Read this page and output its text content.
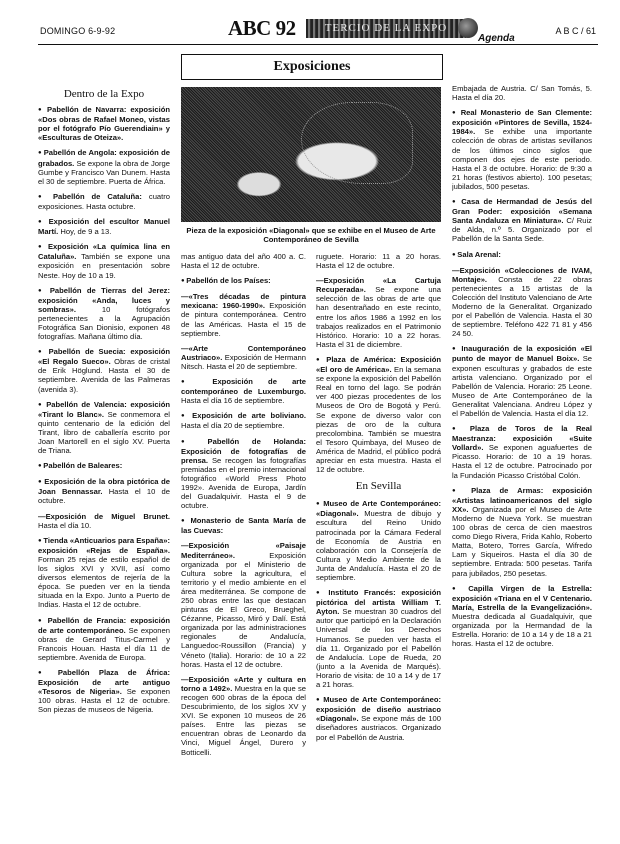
DOMINGO 6-9-92	ABC 92	TERCIO DE LA EXPO
Agenda
A B C / 61
Exposiciones
Pieza de la exposición «Diagonal» que se exhibe en el Museo de Arte Contemporáneo de Sevilla
Dentro de la Expo

● Pabellón de Navarra: exposición «Dos obras de Rafael Moneo, vistas por el fotógrafo Pío Guerendiain» y «Esculturas de Oteiza».

● Pabellón de Angola: exposición de grabados. Se expone la obra de Jorge Gumbe y Francisco Van Dunem. Hasta el 30 de septiembre. Puerta de África.

● Pabellón de Cataluña: cuatro exposiciones. Hasta octubre.

● Exposición del escultor Manuel Martí. Hoy, de 9 a 13.

● Exposición «La química lina en Cataluña». También se expone una exposición en presentación sobre Neste. Hoy de 10 a 19.

● Pabellón de Tierras del Jerez: exposición «Anda, luces y sombras».	10 fotógrafos pertenecientes a la Agrupación Fotográfica San Dionisio, exponen 48 fotografías. Mañana último día.

● Pabellón de Suecia: exposición «El Regalo Sueco». Obras de cristal de Erik Höglund. Hasta el 30 de septiembre. Avenida de las Palmeras (avenida 3).

● Pabellón de Valencia: exposición «Tirant lo Blanc». Se conmemora el quinto centenario de la edición del Tirant, libro de caballería escrito por Joan Martorell en el siglo XV. Puerta de Triana.

● Pabellón de Baleares:

● Exposición de la obra pictórica de Joan Bennassar. Hasta el 10 de octubre.

—Exposición de Miguel Brunet. Hasta el día 10.

● Tienda «Anticuarios para España»: exposición «Rejas de España». Forman 25 rejas de estilo español de los siglos XVI y XVII, así como diversos elementos de rejería de la época. Se pueden ver en la tienda situada en la Expo. Junto a Puerto de Indias. Hasta el 12 de octubre.

● Pabellón de Francia: exposición de arte contemporáneo. Se exponen obras de Gerard Titus-Carmel y Francois Houan. Hasta el día 11 de septiembre. Avenida de Europa.

● Pabellón Plaza de África: Exposición de arte antiguo «Tesoros de Nigeria». Se exponen 100 obras. Hasta el 12 de octubre. Son piezas de museos de Nigeria.

mas antiguo data del año 400 a. C. Hasta el 12 de octubre.

● Pabellón de los Países:

—«Tres décadas de pintura mexicana: 1960-1990». Exposición de pintura contemporánea. Centro de las Américas. Hasta el 15 de septiembre.

—«Arte Contemporáneo Austriaco». Exposición de Hermann Nitsch. Hasta el 20 de septiembre.

● Exposición de arte contemporáneo de Luxemburgo. Hasta el día 16 de septiembre.

● Exposición de arte boliviano. Hasta el día 20 de septiembre.

● Pabellón de Holanda: Exposición de fotografías de prensa. Se recogen las fotografías premiadas en el premio internacional fotográfico «World Press Photo 1992». Avenida de Europa, Jardín del Guadalquivir. Hasta el 9 de octubre.

● Monasterio de Santa María de las Cuevas:

—Exposición «Paisaje Mediterráneo».	Exposición organizada por el Ministerio de Cultura sobre la agricultura, el territorio y el medio ambiente en el área mediterránea. Se compone de 250 obras entre las que destacan pinturas de El Greco, Brueghel, Cézanne, Picasso, Miró y Dalí. Está organizada por las administraciones regionales de Andalucía, Languedoc-Roussillon (Francia) y Véneto (Italia). Horario: de 10 a 22 horas. Hasta el 12 de octubre.

—Exposición «Arte y cultura en torno a 1492». Muestra en la que se recogen 600 obras de la época del Descubrimiento, de los siglos XV y XVI. Se exponen 10 museos de 26 países. Entre las piezas se encuentran obras de Leonardo da Vinci, Miguel Ángel, Durero y Botticelli.

ruguete. Horario: 11 a 20 horas. Hasta el 12 de octubre.

—Exposición «La Cartuja Recuperada». Se expone una selección de las obras de arte que han desentrañado en este recinto, entre los años 1986 a 1992 en los trabajos realizados en el Patrimonio Histórico. Horario: 10 a 22 horas. Hasta el 31 de diciembre.

● Plaza de América: Exposición «El oro de América». En la semana se expone la exposición del Pabellón Real en torno del lago. Se podrán ver 400 piezas procedentes de los Museos de Oro de Bogotá y Perú. Se expone de diverso valor con piezas de oro de la cultura precolombina. También se muestra el Tesoro Quimbaya, del Museo de América de Madrid, el público podrá apreciar en esta muestra. Hasta el 12 de octubre.

En Sevilla

● Museo de Arte Contemporáneo: «Diagonal». Muestra de dibujo y escultura del Reino Unido patrocinada por la Cámara Federal de Economía de Austria en colaboración con la Consejería de Cultura y Medio Ambiente de la Junta de Andalucía. Hasta el 20 de septiembre.

● Instituto Francés: exposición pictórica del artista William T. Ayton. Se muestran 30 cuadros del autor que participó en la Declaración Universal de los Derechos Humanos. Se pueden ver hasta el día 11. Organizado por el Pabellón de Andalucía. Lope de Rueda, 20 (junto a la Avenida de Marqués). Horario de visita: de 10 a 14 y de 17 a 21 horas.

● Museo de Arte Contemporáneo: exposición de diseño austriaco «Diagonal». Se expone más de 100 diseñadores austriacos. Organizado por el Pabellón de Austria.

Embajada de Austria. C/ San Tomás, 5. Hasta el día 20.

● Real Monasterio de San Clemente: exposición «Pintores de Sevilla, 1524-1984». Se exhibe una importante colección de obras de artistas sevillanos de los últimos cinco siglos que componen dos ejes de este periodo. Hasta el 3 de octubre. Horario: de 9:30 a 21 horas (festivos abierto). 100 pesetas; jubilados, 500 pesetas.

● Casa de Hermandad de Jesús del Gran Poder: exposición «Semana Santa Andaluza en Miniatura». C/ Ruiz de Alda, n.º 5. Organizado por el Pabellón de la Santa Sede.

● Sala Arenal:

—Exposición «Colecciones de IVAM, Montaje». Consta de 22 obras pertenecientes a 15 artistas de la Colección del Instituto Valenciano de Arte Moderno de la Generalitat. Organizado por el Pabellón de Valencia. Hasta el 30 de septiembre. Teléfono 422 71 81 y 456 24 50.

● Inauguración de la exposición «El punto de mayor de Manuel Boix». Se exponen esculturas y grabados de este artista valenciano. Organizado por el Pabellón de Valencia. Horario: 25 Leone. Museo de Arte Contemporáneo de la Generalitat Valenciana. Andreu López y el Pabellón de Valencia. Hasta el día 12.

● Plaza de Toros de la Real Maestranza: exposición «Suite Vollard». Se exponen aguafuertes de Picasso. Horario: de 10 a 19 horas. Hasta el 12 de octubre. Patrocinado por la Fundación Picasso Cristóbal Colón.

● Plaza de Armas: exposición «Artistas latinoamericanos del siglo XX». Organizada por el Museo de Arte Moderno de Nueva York. Se muestran 100 obras de cerca de cien maestros como Diego Rivera, Frida Kahlo, Roberto Matta, Botero, Torres García, Wifredo Lam y Siqueiros. Hasta el día 30 de septiembre. Entrada: 500 pesetas. Tarifa para jubilados, 250 pesetas.

● Capilla Virgen de la Estrella: exposición «Triana en el V Centenario. María, Estrella de la Evangelización». Muestra dedicada al Guadalquivir, que organizada por la Hermandad de la Estrella. Horario: de 10 a 14 y de 18 a 21 horas. Hasta el 12 de octubre.
